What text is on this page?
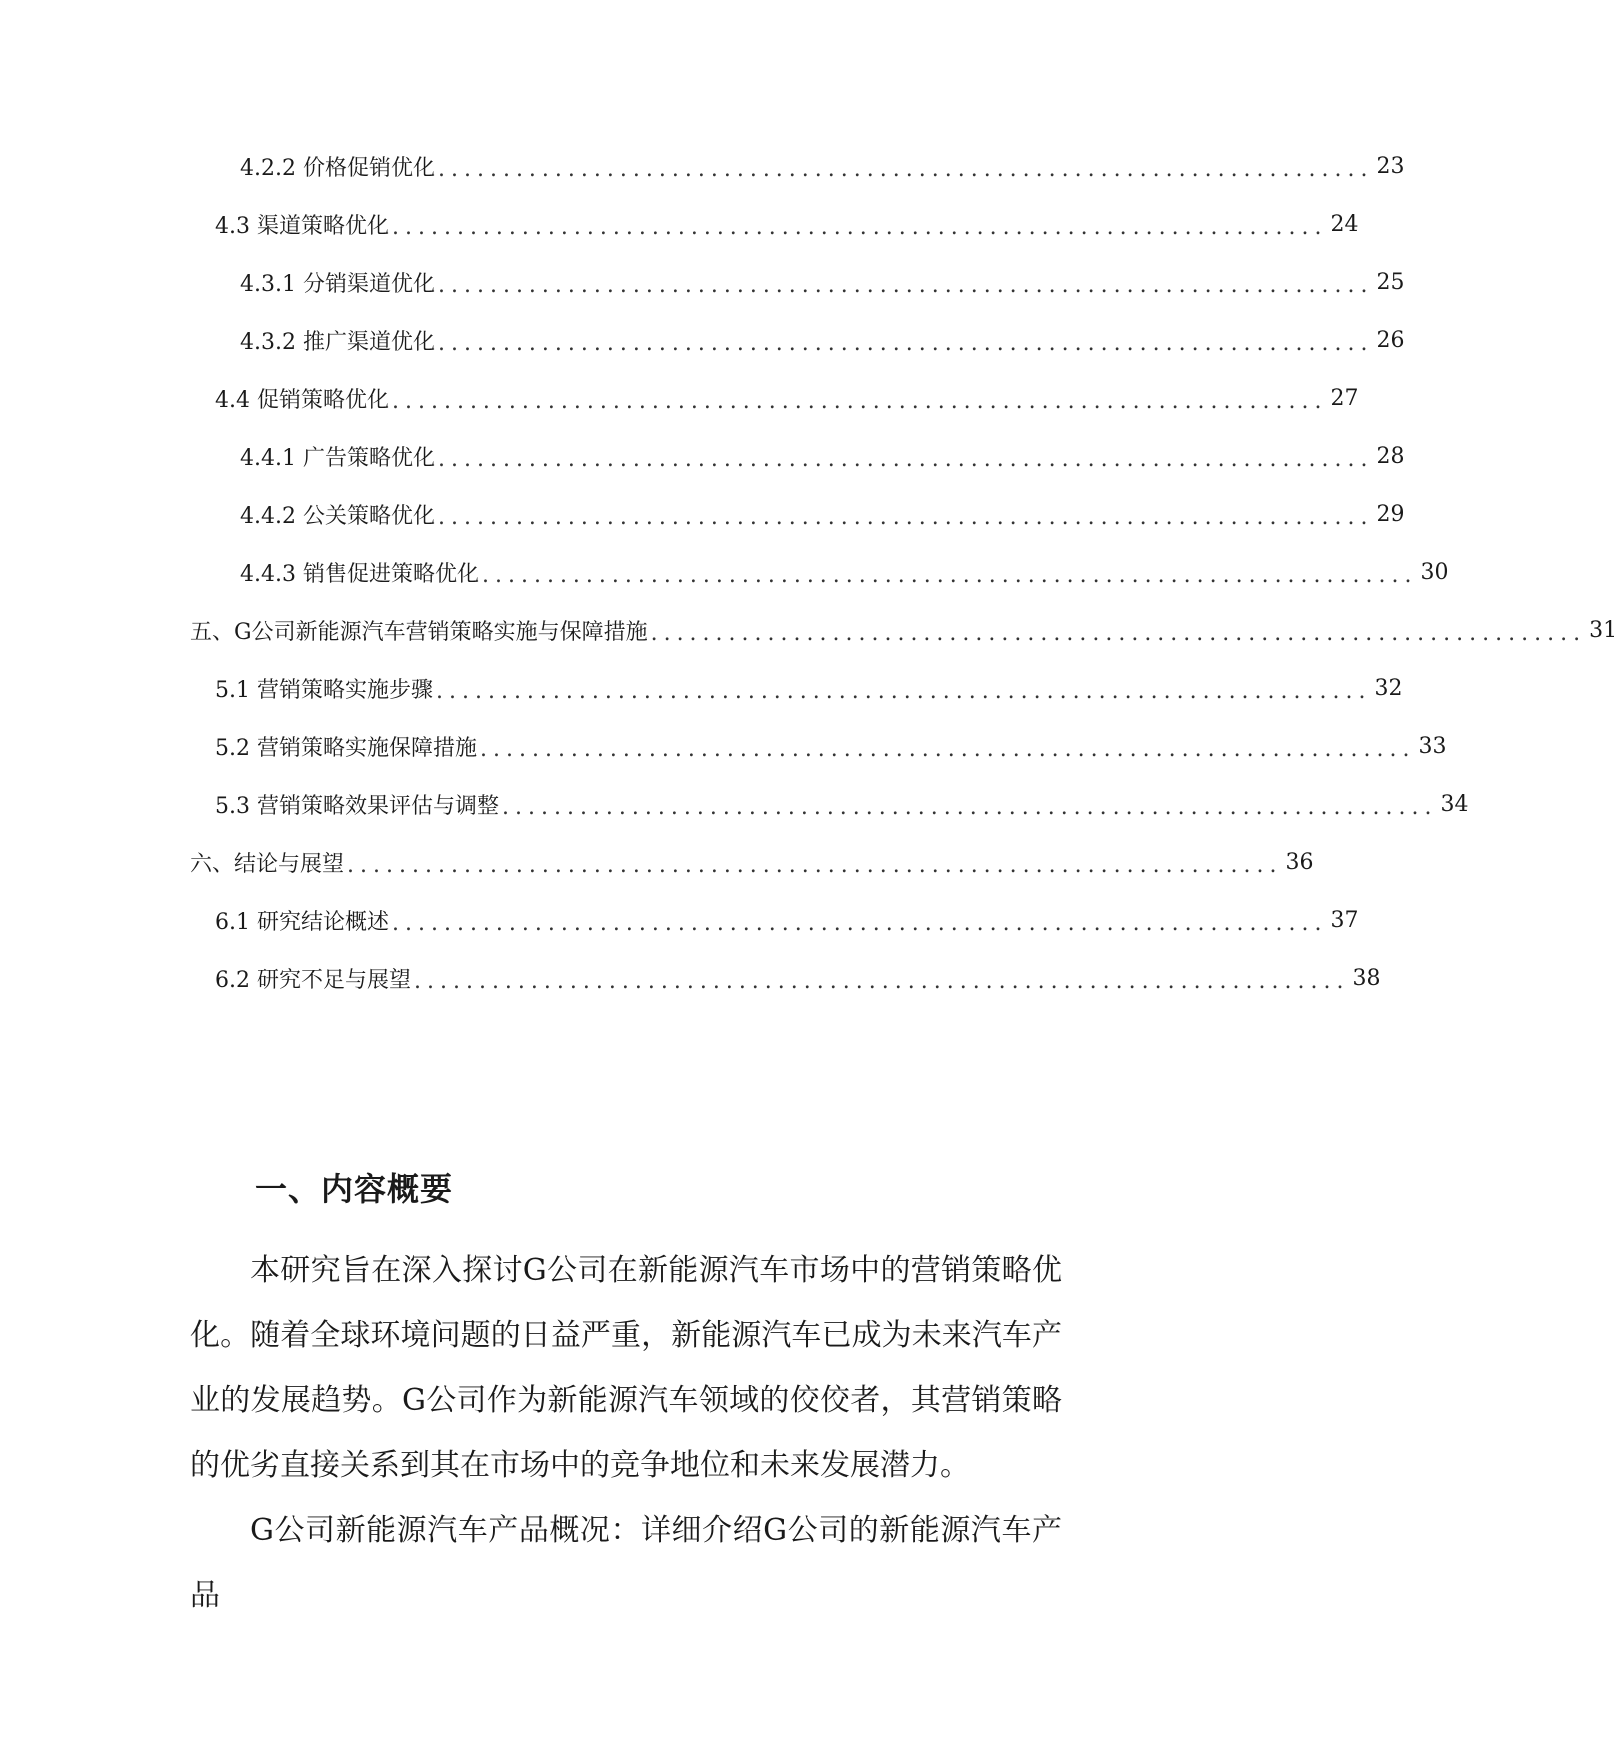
4.2.2 价格促销优化 ........................................................................ 23
4.3 渠道策略优化 ........................................................................ 24
4.3.1 分销渠道优化 ........................................................................ 25
4.3.2 推广渠道优化 ........................................................................ 26
4.4 促销策略优化 ........................................................................ 27
4.4.1 广告策略优化 ........................................................................ 28
4.4.2 公关策略优化 ........................................................................ 29
4.4.3 销售促进策略优化 ........................................................................ 30
五、G公司新能源汽车营销策略实施与保障措施 ........................................................................ 31
5.1 营销策略实施步骤 ........................................................................ 32
5.2 营销策略实施保障措施 ........................................................................ 33
5.3 营销策略效果评估与调整 ........................................................................ 34
六、结论与展望 ........................................................................ 36
6.1 研究结论概述 ........................................................................ 37
6.2 研究不足与展望 ........................................................................ 38
一、内容概要

本研究旨在深入探讨G公司在新能源汽车市场中的营销策略优化。随着全球环境问题的日益严重，新能源汽车已成为未来汽车产业的发展趋势。G公司作为新能源汽车领域的佼佼者，其营销策略的优劣直接关系到其在市场中的竞争地位和未来发展潜力。

G公司新能源汽车产品概况：详细介绍G公司的新能源汽车产品
